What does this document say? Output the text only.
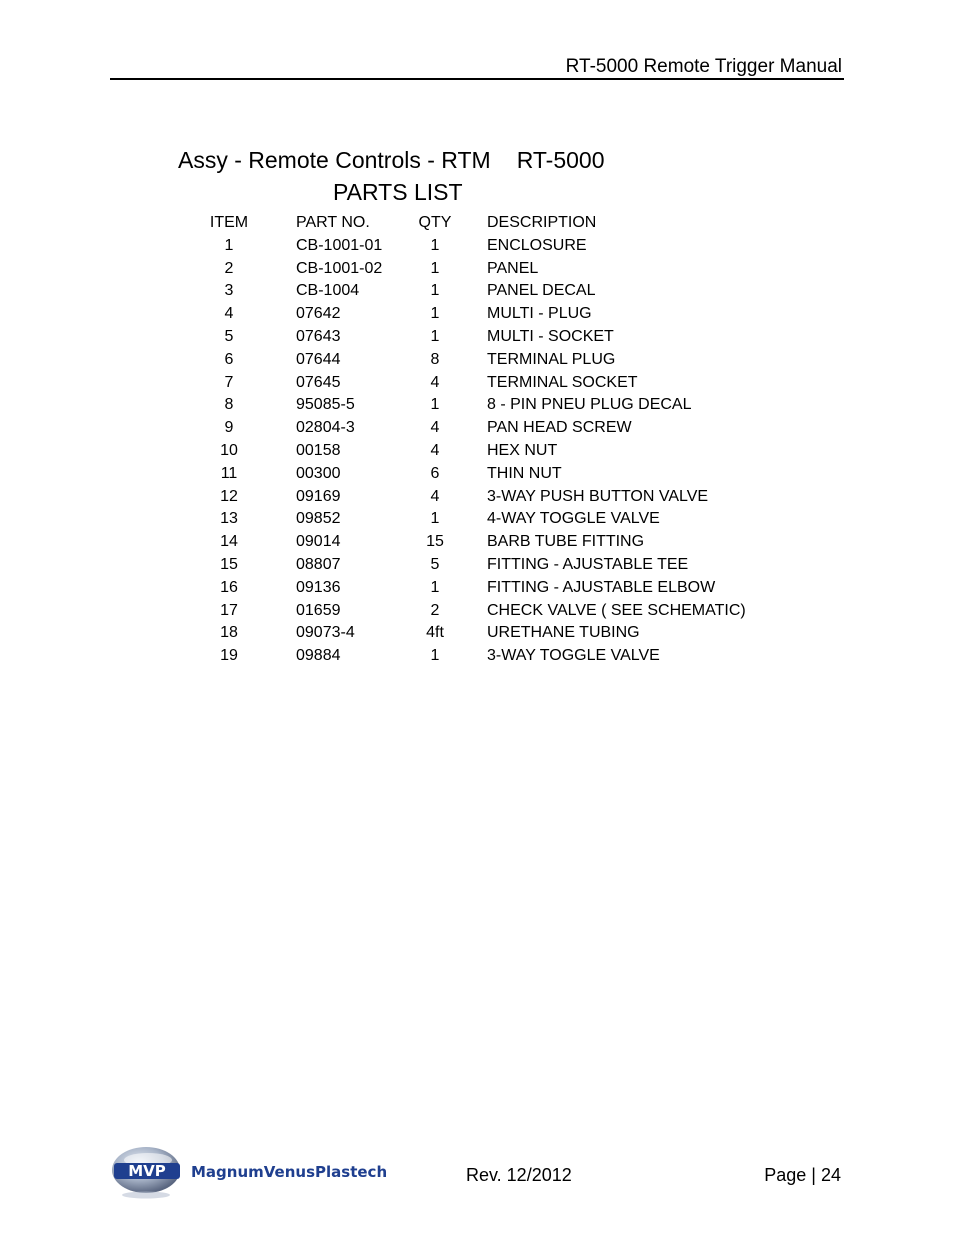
RT-5000 Remote Trigger Manual
Assy - Remote Controls - RTM RT-5000
PARTS LIST
ITEM	PART NO.	QTY	DESCRIPTION
1	CB-1001-01	1	ENCLOSURE
2	CB-1001-02	1	PANEL
3	CB-1004	1	PANEL DECAL
4	07642	1	MULTI - PLUG
5	07643	1	MULTI - SOCKET
6	07644	8	TERMINAL PLUG
7	07645	4	TERMINAL SOCKET
8	95085-5	1	8 - PIN PNEU PLUG DECAL
9	02804-3	4	PAN HEAD SCREW
10	00158	4	HEX NUT
11	00300	6	THIN NUT
12	09169	4	3-WAY PUSH BUTTON VALVE
13	09852	1	4-WAY TOGGLE VALVE
14	09014	15	BARB TUBE FITTING
15	08807	5	FITTING - AJUSTABLE TEE
16	09136	1	FITTING - AJUSTABLE ELBOW
17	01659	2	CHECK VALVE ( SEE SCHEMATIC)
18	09073-4	4ft	URETHANE TUBING
19	09884	1	3-WAY TOGGLE VALVE
MVP MagnumVenusPlastech	Rev. 12/2012	Page | 24
